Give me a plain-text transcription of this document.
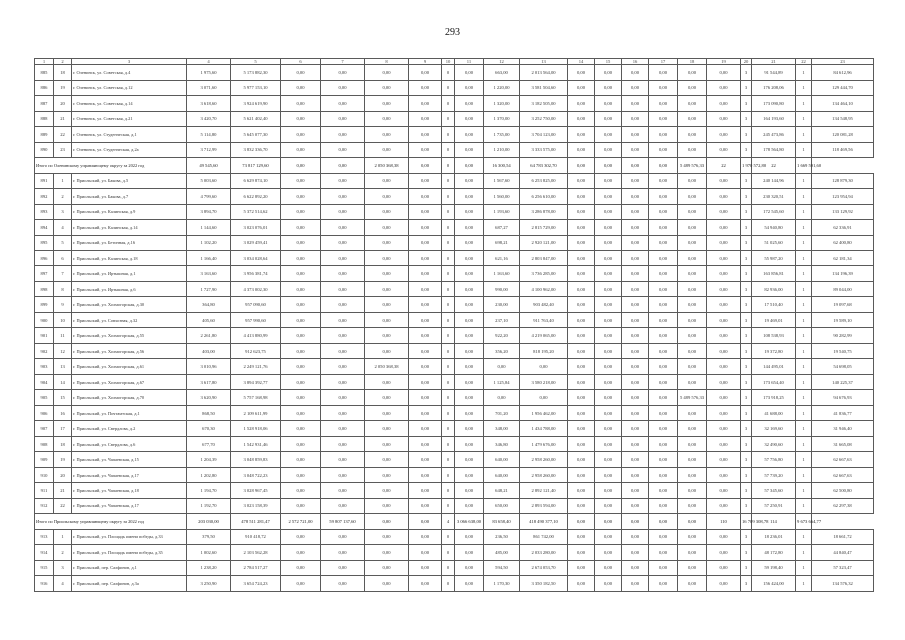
293
1	2	3	4	5	6	7	8	9	10	11	12	13	14	15	16	17	18	19	20	21	22	23
885	18	г. Оленинск, ул. Советская, д.4	1 975,60	5 173 882,30	0,00	0,00	0,00	0,00	0	0,00	663,00	2 013 564,00	0,00	0,00	0,00	0,00	0,00	0,00	3	91 544,89	1	84 612,96
886	19	г. Оленинск, ул. Советская, д.12	3 071,60	5 977 153,10	0,00	0,00	0,00	0,00	0	0,00	1 220,00	3 581 504,60	0,00	0,00	0,00	0,00	0,00	0,00	3	176 208,06	1	129 444,70
887	20	г. Оленинск, ул. Советская, д.14	3 618,60	3 924 619,90	0,00	0,00	0,00	0,00	0	0,00	1 320,00	3 182 505,00	0,00	0,00	0,00	0,00	0,00	0,00	3	173 090,80	1	134 464,10
888	21	г. Оленинск, ул. Советская, д.21	3 420,70	5 621 402,40	0,00	0,00	0,00	0,00	0	0,00	1 370,00	3 252 750,00	0,00	0,00	0,00	0,00	0,00	0,00	3	164 193,60	1	134 548,95
889	22	г. Оленинск, ул. Студенческая, д.1	5 114,80	5 645 077,30	0,00	0,00	0,00	0,00	0	0,00	1 735,00	3 704 123,00	0,00	0,00	0,00	0,00	0,00	0,00	3	245 473,86	1	120 081,28
890	23	г. Оленинск, ул. Студенческая, д.2а	3 712,99	3 832 336,70	0,00	0,00	0,00	0,00	0	0,00	1 210,00	3 333 575,00	0,00	0,00	0,00	0,00	0,00	0,00	3	178 564,80	1	118 469,56
Итого по Оленинскому управляющему округу за 2022 год			49 545,60	73 817 129,60	0,00	0,00	2 050 368,38	0,00	0	0,00	16 300,54	64 783 302,70	0,00	0,00	0,00	0,00	5 489 576,33	22	1 970 572,80	22	1 669 591,60	
891	1	г. Приольский, ул. Бакова, д.5	5 003,60	6 629 874,10	0,00	0,00	0,00	0,00	0	0,00	1 567,60	6 253 825,00	0,00	0,00	0,00	0,00	0,00	0,00	3	240 144,96	1	128 879,30
892	2	г. Приольский, ул. Бакова, д.7	4 799,60	6 622 892,20	0,00	0,00	0,00	0,00	0	0,00	1 560,00	6 256 610,00	0,00	0,00	0,00	0,00	0,00	0,00	3	230 320,51	1	123 954,94
893	3	г. Приольский, ул. Калинская, д.9	3 894,70	5 372 514,62	0,00	0,00	0,00	0,00	0	0,00	1 193,60	3 286 878,00	0,00	0,00	0,00	0,00	0,00	0,00	3	172 545,60	1	133 129,92
894	4	г. Приольский, ул. Калинская, д.14	1 144,60	3 023 076,01	0,00	0,00	0,00	0,00	0	0,00	687,27	2 815 729,00	0,00	0,00	0,00	0,00	0,00	0,00	3	54 940,80	1	62 336,91
895	5	г. Приольский, ул. Бетонная, д.16	1 102,20	3 029 459,41	0,00	0,00	0,00	0,00	0	0,00	698,21	2 920 121,00	0,00	0,00	0,00	0,00	0,00	0,00	3	51 025,60	1	62 400,80
896	6	г. Приольский, ул. Калинская, д.18	1 166,40	3 034 028,64	0,00	0,00	0,00	0,00	0	0,00	621,16	2 803 847,00	0,00	0,00	0,00	0,00	0,00	0,00	3	55 987,20	1	62 181,34
897	7	г. Приольский, ул. Иртышная, д.1	3 163,60	3 956 381,74	0,00	0,00	0,00	0,00	0	0,00	1 163,60	3 736 285,00	0,00	0,00	0,00	0,00	0,00	0,00	3	163 856,81	1	134 196,39
898	8	г. Приольский, ул. Иртышная, д.6	1 727,90	4 373 002,30	0,00	0,00	0,00	0,00	0	0,00	990,00	4 100 962,00	0,00	0,00	0,00	0,00	0,00	0,00	3	82 936,00	1	89 044,00
899	9	г. Приольский, ул. Холмогорская, д.30	364,80	957 090,60	0,00	0,00	0,00	0,00	0	0,00	230,00	903 482,40	0,00	0,00	0,00	0,00	0,00	0,00	3	17 510,40	1	19 097,68
900	10	г. Приольский, ул. Совхозная, д.32	405,60	957 990,60	0,00	0,00	0,00	0,00	0	0,00	237,10	911 763,40	0,00	0,00	0,00	0,00	0,00	0,00	3	19 469,01	1	19 589,10
901	11	г. Приольский, ул. Холмогорская, д.55	2 261,80	4 413 880,99	0,00	0,00	0,00	0,00	0	0,00	922,20	4 219 065,00	0,00	0,00	0,00	0,00	0,00	0,00	3	108 538,93	1	90 282,99
902	12	г. Приольский, ул. Холмогорская, д.56	403,00	912 623,75	0,00	0,00	0,00	0,00	0	0,00	356,20	818 195,20	0,00	0,00	0,00	0,00	0,00	0,00	3	19 372,80	1	19 540,75
903	13	г. Приольский, ул. Холмогорская, д.61	3 010,96	2 249 121,76	0,00	0,00	2 050 368,38	0,00	0	0,00	0,00	0,00	0,00	0,00	0,00	0,00	0,00	0,00	3	144 495,01	1	54 698,05
904	14	г. Приольский, ул. Холмогорская, д.67	3 617,80	3 894 392,77	0,00	0,00	0,00	0,00	0	0,00	1 125,84	3 580 218,00	0,00	0,00	0,00	0,00	0,00	0,00	3	173 654,40	1	140 225,37
905	15	г. Приольский, ул. Холмогорская, д.70	3 620,90	5 757 168,98	0,00	0,00	0,00	0,00	0	0,00	0,00	0,00	0,00	0,00	0,00	0,00	5 489 576,33	0,00	3	173 918,25	1	94 676,93
906	16	г. Приольский, ул. Почтамтская, д.1	868,50	2 109 611,99	0,00	0,00	0,00	0,00	0	0,00	701,20	1 956 462,00	0,00	0,00	0,00	0,00	0,00	0,00	3	41 688,00	1	41 836,77
907	17	г. Приольский, ул. Свердлова, д.2	670,30	1 528 918,06	0,00	0,00	0,00	0,00	0	0,00	348,00	1 434 788,00	0,00	0,00	0,00	0,00	0,00	0,00	3	32 169,60	1	31 946,40
908	18	г. Приольский, ул. Свердлова, д.6	677,70	1 542 931,46	0,00	0,00	0,00	0,00	0	0,00	346,80	1 479 676,00	0,00	0,00	0,00	0,00	0,00	0,00	3	32 490,60	1	31 665,08
909	19	г. Приольский, ул. Чапаевская, д.15	1 204,39	3 048 859,83	0,00	0,00	0,00	0,00	0	0,00	640,00	2 958 260,00	0,00	0,00	0,00	0,00	0,00	0,00	3	57 756,80	1	62 667,63
910	20	г. Приольский, ул. Чапаевская, д.17	1 202,80	3 048 722,23	0,00	0,00	0,00	0,00	0	0,00	640,00	2 958 260,00	0,00	0,00	0,00	0,00	0,00	0,00	3	57 739,20	1	62 667,63
911	21	г. Приольский, ул. Чапаевская, д.18	1 194,70	3 028 967,45	0,00	0,00	0,00	0,00	0	0,00	648,21	2 892 121,40	0,00	0,00	0,00	0,00	0,00	0,00	3	57 345,60	1	62 500,80
912	22	г. Приольский, ул. Чапаевская, д.17	1 192,70	3 023 158,39	0,00	0,00	0,00	0,00	0	0,00	650,00	2 893 594,00	0,00	0,00	0,00	0,00	0,00	0,00	3	57 250,91	1	62 297,38
Итого по Приольскому управляющему округу за 2022 год			203 030,00	478 511 281,47	2 572 721,00	59 807 137,60	0,00	0,00	4	3 066 638,00	83 658,40	418 490 377,10	0,00	0,00	0,00	0,00	0,00	110	16 709 308,78	114	9 673 664,77	
913	1	г. Приольский, ул. Площадь имени победы, д.33	379,50	910 418,72	0,00	0,00	0,00	0,00	0	0,00	236,50	861 742,00	0,00	0,00	0,00	0,00	0,00	0,00	3	18 236,01	1	18 661,72
914	2	г. Приольский, ул. Площадь имени победы, д.35	1 002,60	2 103 562,28	0,00	0,00	0,00	0,00	0	0,00	485,00	2 033 280,00	0,00	0,00	0,00	0,00	0,00	0,00	3	48 172,80	1	44 840,47
915	3	г. Приольский, пер. Салфинов, д.1	1 238,20	2 784 517,27	0,00	0,00	0,00	0,00	0	0,00	594,50	2 674 053,70	0,00	0,00	0,00	0,00	0,00	0,00	3	59 198,40	1	57 323,47
916	4	г. Приольский, пер. Салфинов, д.3а	3 250,90	3 654 724,23	0,00	0,00	0,00	0,00	0	0,00	1 170,30	3 350 182,50	0,00	0,00	0,00	0,00	0,00	0,00	3	156 424,00	1	134 576,32
